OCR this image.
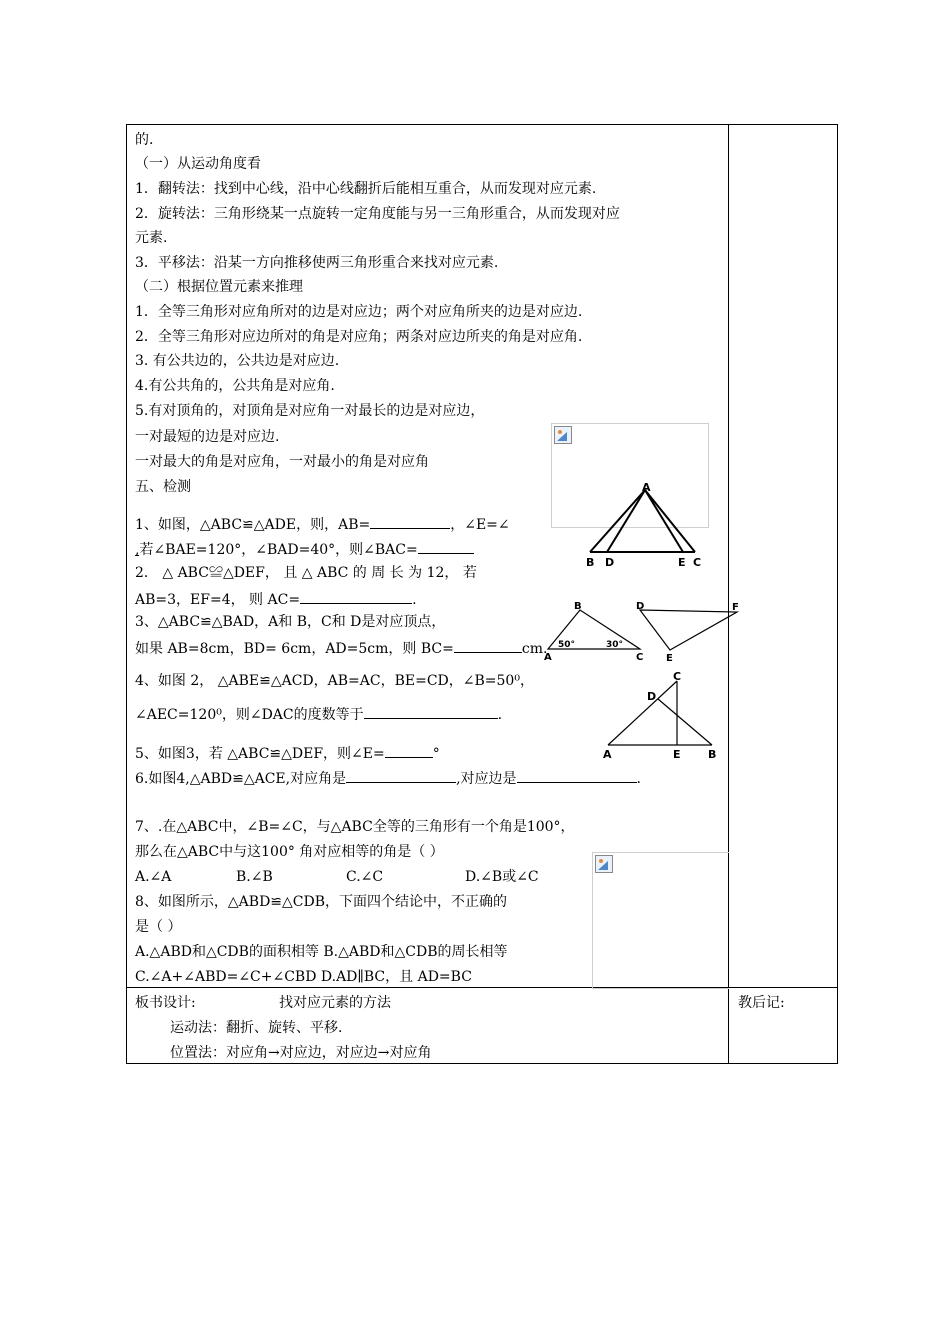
的.
（一）从运动角度看
1．翻转法：找到中心线，沿中心线翻折后能相互重合，从而发现对应元素.
2．旋转法：三角形绕某一点旋转一定角度能与另一三角形重合，从而发现对应
元素.
3．平移法：沿某一方向推移使两三角形重合来找对应元素.
（二）根据位置元素来推理
1．全等三角形对应角所对的边是对应边；两个对应角所夹的边是对应边.
2．全等三角形对应边所对的角是对应角；两条对应边所夹的角是对应角.
3. 有公共边的，公共边是对应边.
4.有公共角的，公共角是对应角.
5.有对顶角的，对顶角是对应角一对最长的边是对应边，
一对最短的边是对应边.
一对最大的角是对应角，一对最小的角是对应角
五、检测
1、如图，△ABC≌△ADE，则，AB=	，∠E=∠
,若∠BAE=120°，∠BAD=40°，则∠BAC=
2． △ ABC≌△DEF， 且 △ ABC 的 周 长 为 12， 若
AB=3，EF=4， 则 AC=	.
3、△ABC≌△BAD，A和 B，C和 D是对应顶点，
如果 AB=8cm，BD= 6cm，AD=5cm，则 BC=	cm.
4、如图 2， △ABE≌△ACD，AB=AC，BE=CD，∠B=50⁰，
∠AEC=120⁰，则∠DAC的度数等于	.
5、如图3，若 △ABC≌△DEF，则∠E=	°
6.如图4,△ABD≌△ACE,对应角是	,对应边是	.
7、.在△ABC中，∠B=∠C，与△ABC全等的三角形有一个角是100°，
那么在△ABC中与这100° 角对应相等的角是（ ）
A.∠A	B.∠B	C.∠C	D.∠B或∠C
8、如图所示，△ABD≌△CDB，下面四个结论中，不正确的
是（ ）
A.△ABD和△CDB的面积相等 B.△ABD和△CDB的周长相等
C.∠A+∠ABD=∠C+∠CBD D.AD∥BC，且 AD=BC
板书设计:	找对应元素的方法
运动法：翻折、旋转、平移.
位置法：对应角→对应边，对应边→对应角
教后记:
A
B D	E C
B
A	C
D	F
E
50°	30°
C
D
A	E B
